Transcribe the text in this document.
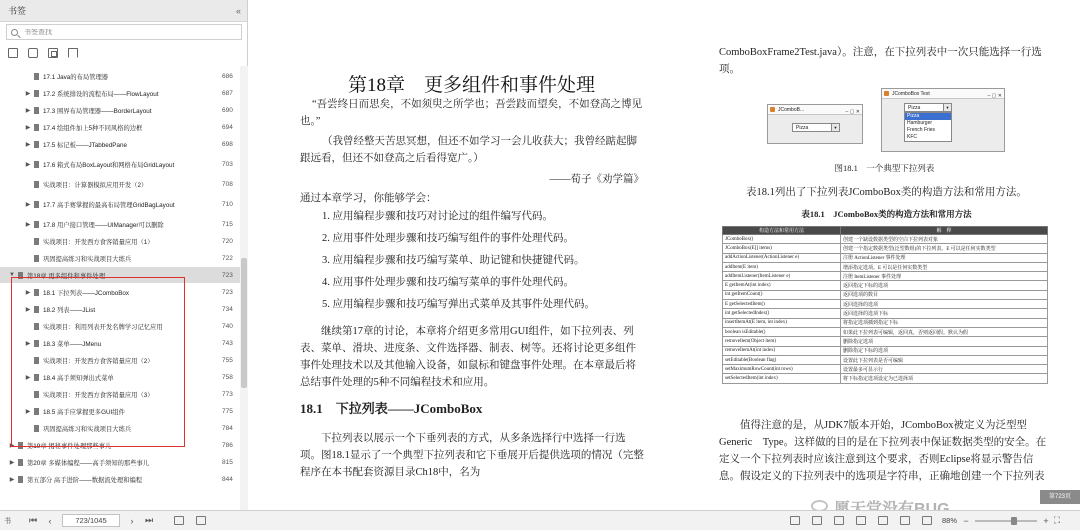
书签	«
书签查找
17.1 Java的布局管理器	686
▶ 17.2 系统排设的流程布局——FlowLayout	687
▶ 17.3 围界布局管理器——BorderLayout	690
▶ 17.4 绘组件加上5种不同风格的边框	694
▶ 17.5 标记板——JTabbedPane	698
▶ 17.6 箱式布局BoxLayout和网格布局GridLayout	703
实战项目：计算器模拟应用开发（2）	708
▶ 17.7 高手赛掌握的最高布局管理GridBagLayout	710
▶ 17.8 用户接口管理——UIManager可以删除	715
实战项目：开发西方食客销量应用（1）	720
巩固提高练习和实战项目大练兵	722
▼ 第18章 更多组件和事件处理	723
▶ 18.1 下拉列表——JComboBox	723
▶ 18.2 列表——JList	734
实战项目：利用列表开发名牌学习记忆应用	740
▶ 18.3 菜单——JMenu	743
实战项目：开发西方食客销量应用（2）	755
▶ 18.4 高手须知弹出式菜单	758
实战项目：开发西方食客销量应用（3）	773
▶ 18.5 高手应掌握更多GUI组件	775
巩固提高练习和实战项目大练兵	784
▶ 第19章 揭秘事件处理那些事儿	786
▶ 第20章 多媒体编程——高手须知的那些事儿	815
▶ 第五部分 高手进阶——数据流处理和编程	844
第18章　更多组件和事件处理
“吾尝终日而思矣，不如须臾之所学也；吾尝跂而望矣，不如登高之博见也。”
（我曾经整天苦思冥想，但还不如学习一会儿收获大；我曾经踮起脚跟远看，但还不如登高之后看得宽广。）
——荀子《劝学篇》
通过本章学习，你能够学会：
1. 应用编程步骤和技巧对讨论过的组件编写代码。
2. 应用事件处理步骤和技巧编写组件的事件处理代码。
3. 应用编程步骤和技巧编写菜单、助记键和快捷键代码。
4. 应用事件处理步骤和技巧编写菜单的事件处理代码。
5. 应用编程步骤和技巧编写弹出式菜单及其事件处理代码。
继续第17章的讨论，本章将介绍更多常用GUI组件，如下拉列表、列表、菜单、滑块、进度条、文件选择器、制表、树等。还将讨论更多组件事件处理技术以及其他输入设备，如鼠标和键盘事件处理。在本章最后将总结事件处理的5种不同编程技术和应用。
18.1　下拉列表——JComboBox
下拉列表以展示一个下垂列表的方式，从多条选择行中选择一行选项。图18.1显示了一个典型下拉列表和它下垂展开后提供选项的情况（完整程序在本书配套资源目录Ch18中，名为
ComboBoxFrame2Test.java）。注意，在下拉列表中一次只能选择一行选项。
JComboB...	– ▢ ✕
Pizza	▼
JComboBox Test	– ▢ ✕
Pizza	▼
Pizza
Hamburger
French Fries
KFC
图18.1　一个典型下拉列表
表18.1列出了下拉列表JComboBox类的构造方法和常用方法。
表18.1　JComboBox类的构造方法和常用方法
构造方法和常用方法	解　释
JComboBox()	创建一个缺设数据类型的空白下拉列表对象
JComboBox(E[] items)	创建一个指定数据类型(泛型数组)的下拉列表。E 可以是任何实数类型
addActionListener(ActionListener e)	注册 ActionListener 事件处理
addItem(E item)	增添指定选项。E 可以是任何实数类型
addItemListener(ItemListener e)	注册 ItemListener 事件处理
E getItemAt(int index)	返回指定下标的选项
int getItemCount()	返回选项的数目
E getSelectedItem()	返回选择的选项
int getSelectedIndex()	返回选择的选项下标
insertItemAt(E item, int index)	将指定选项插到指定下标
boolean isEditable()	如果此下拉列表可编辑，返回真，否则返回假。默认为假
removeItem(Object item)	删除指定选项
removeItemAt(int index)	删除指定下标的选项
setEditable(Boolean flag)	设置此下拉列表是否可编辑
setMaximumRowCount(int rows)	设置最多可显示行
setSelectedItem(int index)	将下标指定选项设定为已选择项
值得注意的是，从JDK7版本开始，JComboBox被定义为泛型型Generic　Type。这样做的目的是在下拉列表中保证数据类型的安全。在定义一个下拉列表时应该注意到这个要求，否则Eclipse将显示警告信息。假设定义的下拉列表中的选项是字符串，正确地创建一个下拉列表
第723页
书	⏮	‹	723/1045	›	⏭	88% −	+ ⛶
